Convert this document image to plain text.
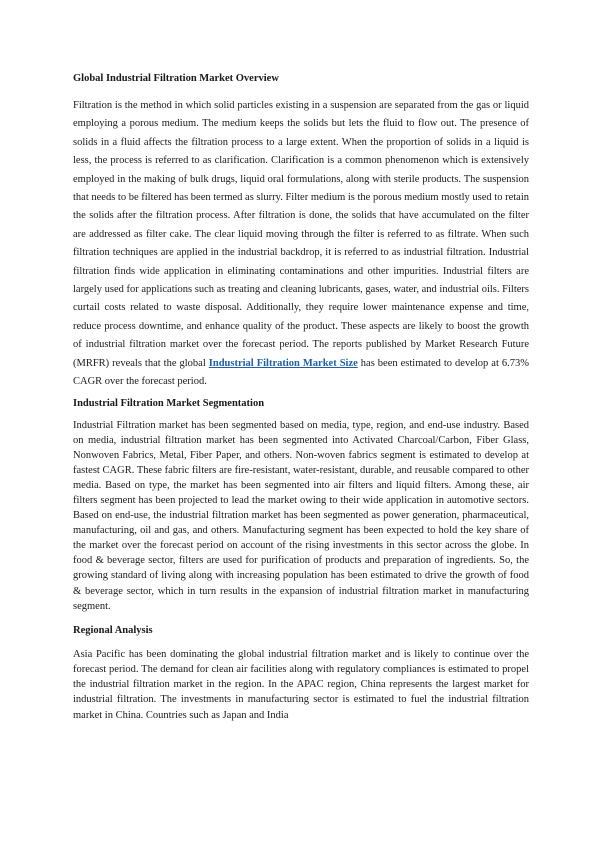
Global Industrial Filtration Market Overview

Filtration is the method in which solid particles existing in a suspension are separated from the gas or liquid employing a porous medium. The medium keeps the solids but lets the fluid to flow out. The presence of solids in a fluid affects the filtration process to a large extent. When the proportion of solids in a liquid is less, the process is referred to as clarification. Clarification is a common phenomenon which is extensively employed in the making of bulk drugs, liquid oral formulations, along with sterile products. The suspension that needs to be filtered has been termed as slurry. Filter medium is the porous medium mostly used to retain the solids after the filtration process. After filtration is done, the solids that have accumulated on the filter are addressed as filter cake. The clear liquid moving through the filter is referred to as filtrate. When such filtration techniques are applied in the industrial backdrop, it is referred to as industrial filtration. Industrial filtration finds wide application in eliminating contaminations and other impurities. Industrial filters are largely used for applications such as treating and cleaning lubricants, gases, water, and industrial oils. Filters curtail costs related to waste disposal. Additionally, they require lower maintenance expense and time, reduce process downtime, and enhance quality of the product. These aspects are likely to boost the growth of industrial filtration market over the forecast period. The reports published by Market Research Future (MRFR) reveals that the global Industrial Filtration Market Size has been estimated to develop at 6.73% CAGR over the forecast period.

Industrial Filtration Market Segmentation

Industrial Filtration market has been segmented based on media, type, region, and end-use industry. Based on media, industrial filtration market has been segmented into Activated Charcoal/Carbon, Fiber Glass, Nonwoven Fabrics, Metal, Fiber Paper, and others. Non-woven fabrics segment is estimated to develop at fastest CAGR. These fabric filters are fire-resistant, water-resistant, durable, and reusable compared to other media. Based on type, the market has been segmented into air filters and liquid filters. Among these, air filters segment has been projected to lead the market owing to their wide application in automotive sectors. Based on end-use, the industrial filtration market has been segmented as power generation, pharmaceutical, manufacturing, oil and gas, and others. Manufacturing segment has been expected to hold the key share of the market over the forecast period on account of the rising investments in this sector across the globe. In food & beverage sector, filters are used for purification of products and preparation of ingredients. So, the growing standard of living along with increasing population has been estimated to drive the growth of food & beverage sector, which in turn results in the expansion of industrial filtration market in manufacturing segment.

Regional Analysis

Asia Pacific has been dominating the global industrial filtration market and is likely to continue over the forecast period. The demand for clean air facilities along with regulatory compliances is estimated to propel the industrial filtration market in the region. In the APAC region, China represents the largest market for industrial filtration. The investments in manufacturing sector is estimated to fuel the industrial filtration market in China. Countries such as Japan and India
